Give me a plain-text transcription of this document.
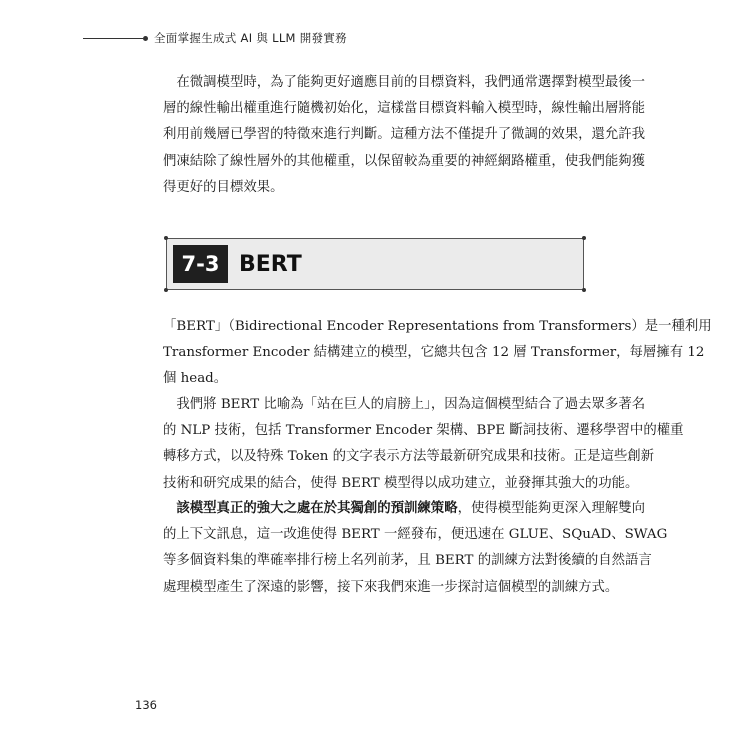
全面掌握生成式 AI 與 LLM 開發實務

　在微調模型時，為了能夠更好適應目前的目標資料，我們通常選擇對模型最後一
層的線性輸出權重進行隨機初始化，這樣當目標資料輸入模型時，線性輸出層將能
利用前幾層已學習的特徵來進行判斷。這種方法不僅提升了微調的效果，還允許我
們凍結除了線性層外的其他權重，以保留較為重要的神經網路權重，使我們能夠獲
得更好的目標效果。

7-3 BERT

「BERT」（Bidirectional Encoder Representations from Transformers）是一種利用
Transformer Encoder 結構建立的模型，它總共包含 12 層 Transformer，每層擁有 12
個 head。

　我們將 BERT 比喻為「站在巨人的肩膀上」，因為這個模型結合了過去眾多著名
的 NLP 技術，包括 Transformer Encoder 架構、BPE 斷詞技術、遷移學習中的權重
轉移方式，以及特殊 Token 的文字表示方法等最新研究成果和技術。正是這些創新
技術和研究成果的結合，使得 BERT 模型得以成功建立，並發揮其強大的功能。

　該模型真正的強大之處在於其獨創的預訓練策略，使得模型能夠更深入理解雙向
的上下文訊息，這一改進使得 BERT 一經發布，便迅速在 GLUE、SQuAD、SWAG
等多個資料集的準確率排行榜上名列前茅，且 BERT 的訓練方法對後續的自然語言
處理模型產生了深遠的影響，接下來我們來進一步探討這個模型的訓練方式。

136
